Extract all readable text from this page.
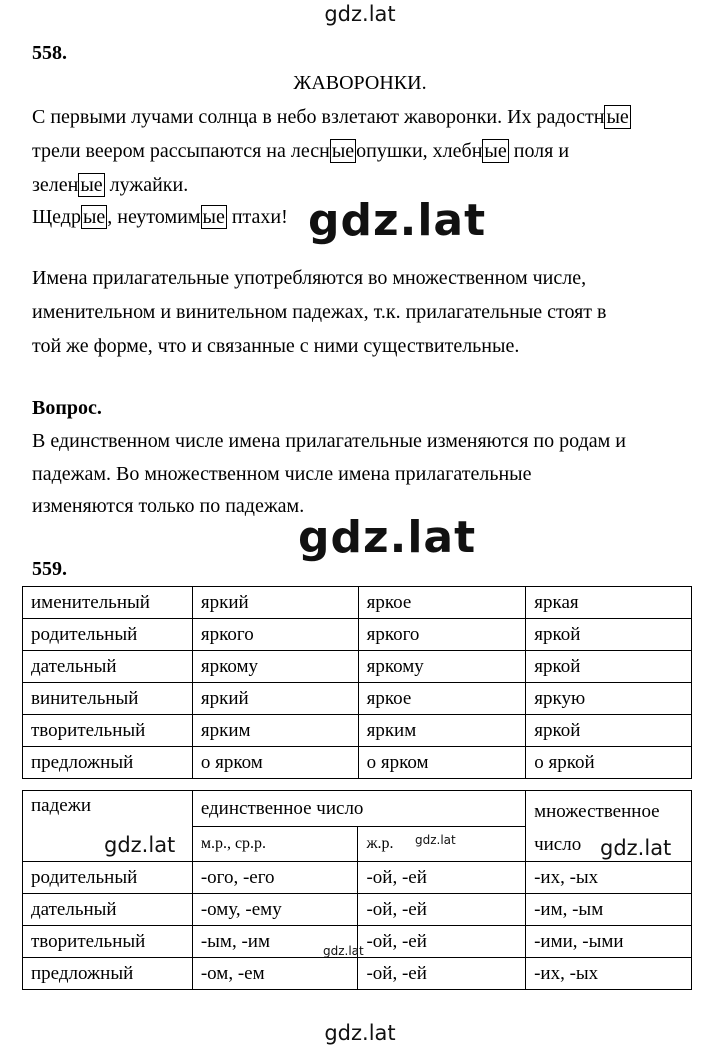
gdz.lat
gdz.lat
gdz.lat
558.
ЖАВОРОНКИ.
С первыми лучами солнца в небо взлетают жаворонки. Их радостн ые
трели веером рассыпаются на лесн ые опушки, хлебн ые поля и
зелен ые лужайки.
Щедр ые , неутомим ые птахи!
Имена прилагательные употребляются во множественном числе,
именительном и винительном падежах, т.к. прилагательные стоят в
той же форме, что и связанные с ними существительные.
Вопрос.
В единственном числе имена прилагательные изменяются по родам и
падежам. Во множественном числе имена прилагательные
изменяются только по падежам.
559.
именительный	яркий	яркое	яркая
родительный	яркого	яркого	яркой
дательный	яркому	яркому	яркой
винительный	яркий	яркое	яркую
творительный	ярким	ярким	яркой
предложный	о ярком	о ярком	о яркой
падежи	единственное число		множественное
число
	м.р., ср.р.	ж.р.	
родительный	-ого, -его	-ой, -ей	-их, -ых
дательный	-ому, -ему	-ой, -ей	-им, -ым
творительный	-ым, -им	-ой, -ей	-ими, -ыми
предложный	-ом, -ем	-ой, -ей	-их, -ых
gdz.lat	gdz.lat	gdz.lat
gdz.lat
gdz.lat
